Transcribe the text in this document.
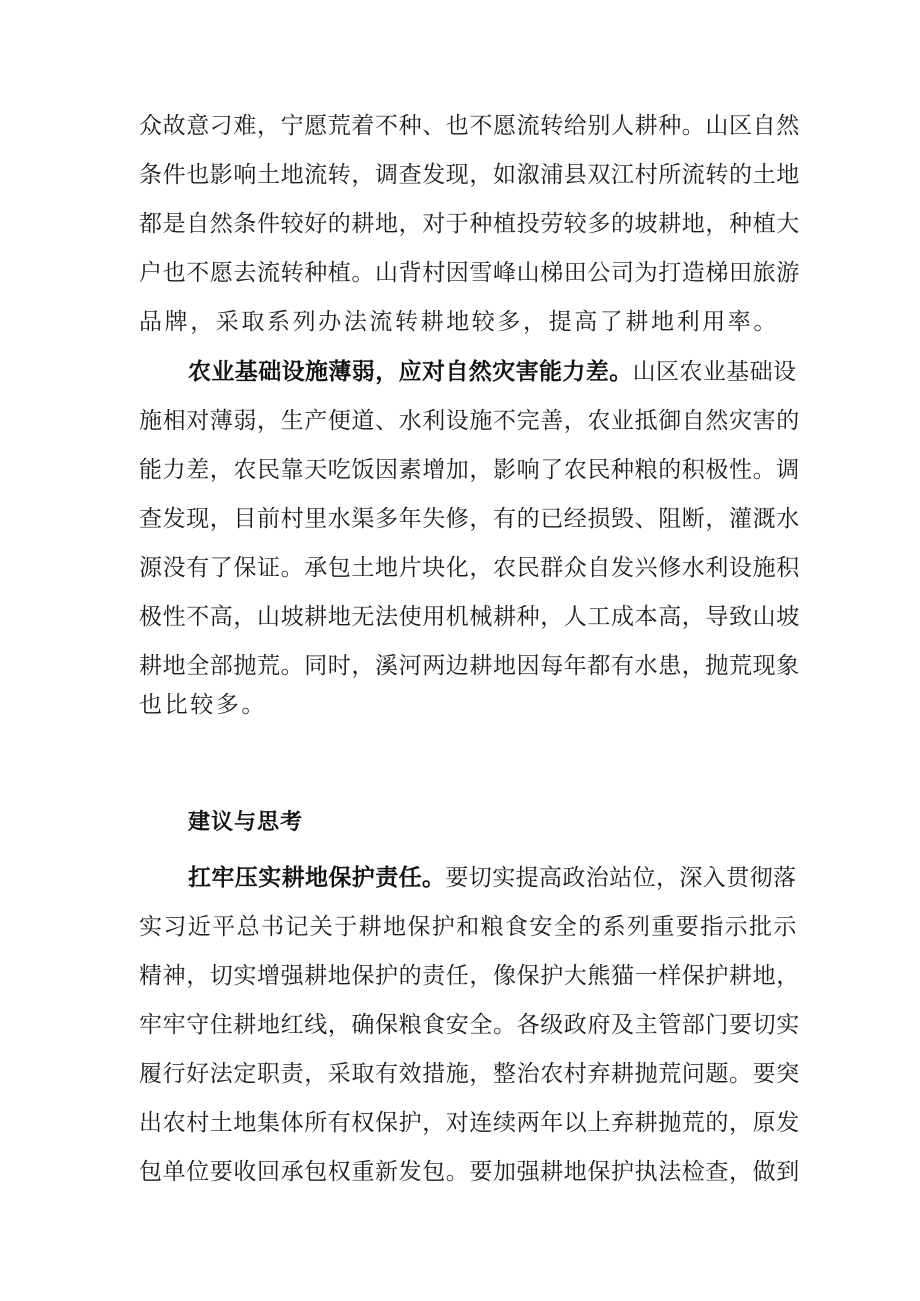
众故意刁难，宁愿荒着不种、也不愿流转给别人耕种。山区自然
条件也影响土地流转，调查发现，如溆浦县双江村所流转的土地
都是自然条件较好的耕地，对于种植投劳较多的坡耕地，种植大
户也不愿去流转种植。山背村因雪峰山梯田公司为打造梯田旅游
品牌，采取系列办法流转耕地较多，提高了耕地利用率。
农业基础设施薄弱，应对自然灾害能力差。山区农业基础设
施相对薄弱，生产便道、水利设施不完善，农业抵御自然灾害的
能力差，农民靠天吃饭因素增加，影响了农民种粮的积极性。调
查发现，目前村里水渠多年失修，有的已经损毁、阻断，灌溉水
源没有了保证。承包土地片块化，农民群众自发兴修水利设施积
极性不高，山坡耕地无法使用机械耕种，人工成本高，导致山坡
耕地全部抛荒。同时，溪河两边耕地因每年都有水患，抛荒现象
也比较多。
建议与思考
扛牢压实耕地保护责任。要切实提高政治站位，深入贯彻落
实习近平总书记关于耕地保护和粮食安全的系列重要指示批示
精神，切实增强耕地保护的责任，像保护大熊猫一样保护耕地，
牢牢守住耕地红线，确保粮食安全。各级政府及主管部门要切实
履行好法定职责，采取有效措施，整治农村弃耕抛荒问题。要突
出农村土地集体所有权保护，对连续两年以上弃耕抛荒的，原发
包单位要收回承包权重新发包。要加强耕地保护执法检查，做到
